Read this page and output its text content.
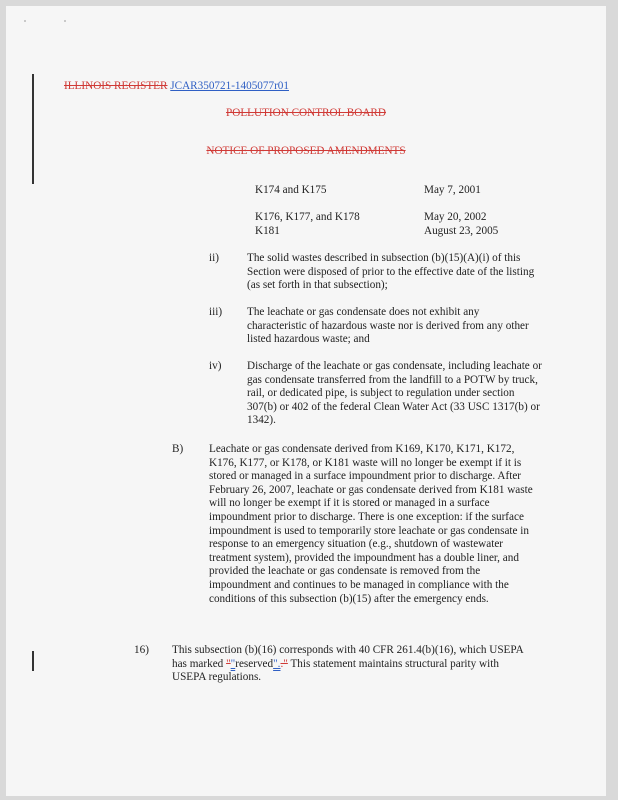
ILLINOIS REGISTER JCAR350721-1405077r01
POLLUTION CONTROL BOARD
NOTICE OF PROPOSED AMENDMENTS
K174 and K175	May 7, 2001
K176, K177, and K178	May 20, 2002
K181	August 23, 2005
ii)	The solid wastes described in subsection (b)(15)(A)(i) of this Section were disposed of prior to the effective date of the listing (as set forth in that subsection);
iii) The leachate or gas condensate does not exhibit any characteristic of hazardous waste nor is derived from any other listed hazardous waste; and
iv) Discharge of the leachate or gas condensate, including leachate or gas condensate transferred from the landfill to a POTW by truck, rail, or dedicated pipe, is subject to regulation under section 307(b) or 402 of the federal Clean Water Act (33 USC 1317(b) or 1342).
B) Leachate or gas condensate derived from K169, K170, K171, K172, K176, K177, or K178, or K181 waste will no longer be exempt if it is stored or managed in a surface impoundment prior to discharge. After February 26, 2007, leachate or gas condensate derived from K181 waste will no longer be exempt if it is stored or managed in a surface impoundment prior to discharge. There is one exception: if the surface impoundment is used to temporarily store leachate or gas condensate in response to an emergency situation (e.g., shutdown of wastewater treatment system), provided the impoundment has a double liner, and provided the leachate or gas condensate is removed from the impoundment and continues to be managed in compliance with the conditions of this subsection (b)(15) after the emergency ends.
16) This subsection (b)(16) corresponds with 40 CFR 261.4(b)(16), which USEPA has marked ""reserved".." This statement maintains structural parity with USEPA regulations.
